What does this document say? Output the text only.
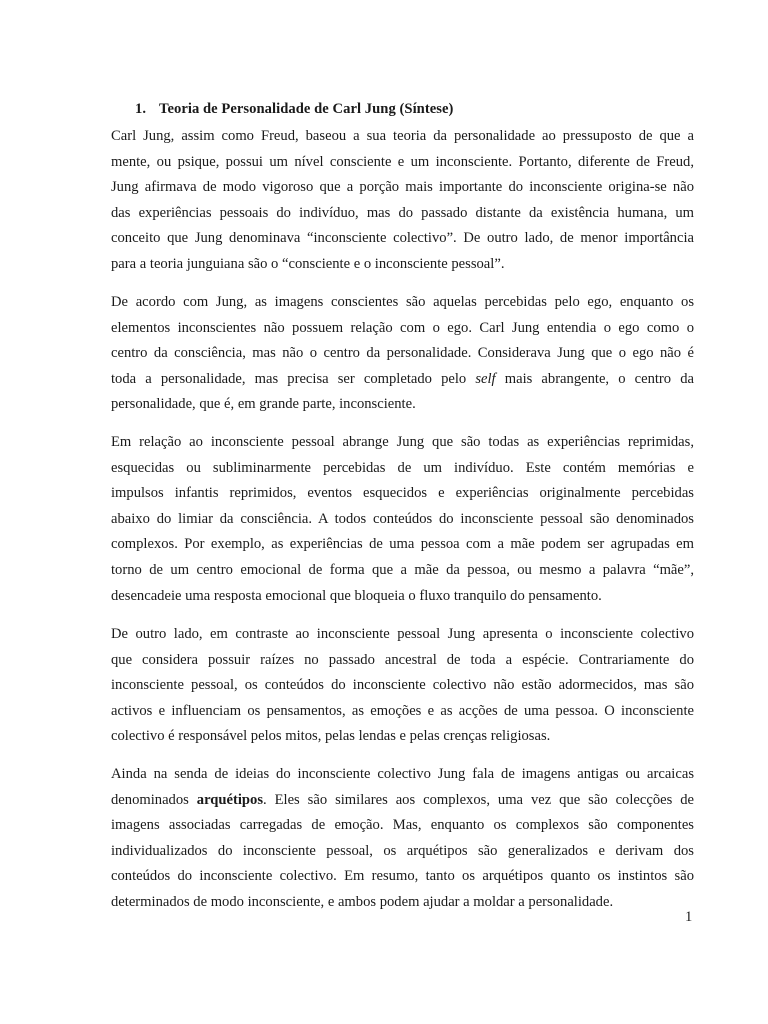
1. Teoria de Personalidade de Carl Jung (Síntese)
Carl Jung, assim como Freud, baseou a sua teoria da personalidade ao pressuposto de que a
mente, ou psique, possui um nível consciente e um inconsciente. Portanto, diferente de Freud,
Jung afirmava de modo vigoroso que a porção mais importante do inconsciente origina-se não
das experiências pessoais do indivíduo, mas do passado distante da existência humana, um
conceito que Jung denominava “inconsciente colectivo”. De outro lado, de menor importância
para a teoria junguiana são o “consciente e o inconsciente pessoal”.
De acordo com Jung, as imagens conscientes são aquelas percebidas pelo ego, enquanto os
elementos inconscientes não possuem relação com o ego. Carl Jung entendia o ego como o
centro da consciência, mas não o centro da personalidade. Considerava Jung que o ego não é
toda a personalidade, mas precisa ser completado pelo self mais abrangente, o centro da
personalidade, que é, em grande parte, inconsciente.
Em relação ao inconsciente pessoal abrange Jung que são todas as experiências reprimidas,
esquecidas ou subliminarmente percebidas de um indivíduo. Este contém memórias e
impulsos infantis reprimidos, eventos esquecidos e experiências originalmente percebidas
abaixo do limiar da consciência. A todos conteúdos do inconsciente pessoal são denominados
complexos. Por exemplo, as experiências de uma pessoa com a mãe podem ser agrupadas em
torno de um centro emocional de forma que a mãe da pessoa, ou mesmo a palavra “mãe”,
desencadeie uma resposta emocional que bloqueia o fluxo tranquilo do pensamento.
De outro lado, em contraste ao inconsciente pessoal Jung apresenta o inconsciente colectivo
que considera possuir raízes no passado ancestral de toda a espécie. Contrariamente do
inconsciente pessoal, os conteúdos do inconsciente colectivo não estão adormecidos, mas são
activos e influenciam os pensamentos, as emoções e as acções de uma pessoa. O inconsciente
colectivo é responsável pelos mitos, pelas lendas e pelas crenças religiosas.
Ainda na senda de ideias do inconsciente colectivo Jung fala de imagens antigas ou arcaicas
denominados arquétipos. Eles são similares aos complexos, uma vez que são colecções de
imagens associadas carregadas de emoção. Mas, enquanto os complexos são componentes
individualizados do inconsciente pessoal, os arquétipos são generalizados e derivam dos
conteúdos do inconsciente colectivo. Em resumo, tanto os arquétipos quanto os instintos são
determinados de modo inconsciente, e ambos podem ajudar a moldar a personalidade.
1
